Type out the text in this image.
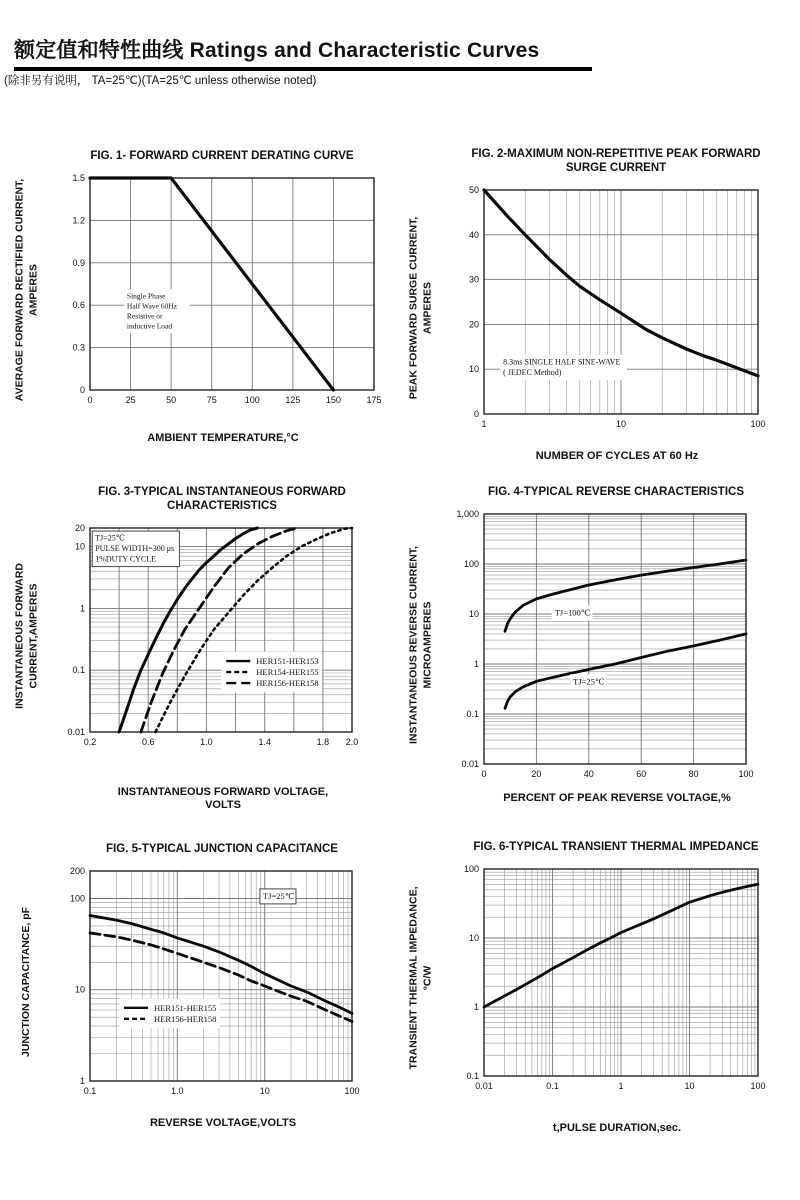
额定值和特性曲线 Ratings and Characteristic Curves
(除非另有说明， TA=25℃)(TA=25℃ unless otherwise noted)
FIG. 1- FORWARD CURRENT DERATING CURVE
AVERAGE FORWARD RECTIFIED CURRENT, AMPERES
0	25	50	75	100	125	150	175
0
0.3
0.6
0.9
1.2
1.5
Single Phase
Half Wave 60Hz
Resistive or
inductive Load
AMBIENT TEMPERATURE,°C
FIG. 2-MAXIMUM NON-REPETITIVE PEAK FORWARD
SURGE CURRENT
PEAK FORWARD SURGE CURRENT, AMPERES
1	10	100
0
10
20
30
40
50
8.3ms SINGLE HALF SINE-WAVE
( JEDEC Method)
NUMBER OF CYCLES AT 60 Hz
FIG. 3-TYPICAL INSTANTANEOUS FORWARD
CHARACTERISTICS
INSTANTANEOUS FORWARD CURRENT,AMPERES
0.2	0.6	1.0	1.4	1.8 2.0
20
10
1
0.1
0.01
TJ=25℃
PULSE WIDTH=300 μs
1%DUTY CYCLE
HER151-HER153
HER154-HER155
HER156-HER158
INSTANTANEOUS FORWARD VOLTAGE,
VOLTS
FIG. 4-TYPICAL REVERSE CHARACTERISTICS
INSTANTANEOUS REVERSE CURRENT, MICROAMPERES
0	20	40	60	80	100
1,000
100
10
1
0.1
0.01
TJ=100℃
TJ=25℃
PERCENT OF PEAK REVERSE VOLTAGE,%
FIG. 5-TYPICAL JUNCTION CAPACITANCE
JUNCTION CAPACITANCE, pF
0.1	1.0	10	100
200
100
10
1
TJ=25℃
HER151-HER155
HER156-HER158
REVERSE VOLTAGE,VOLTS
FIG. 6-TYPICAL TRANSIENT THERMAL IMPEDANCE
TRANSIENT THERMAL IMPEDANCE, °C/W
0.01	0.1	1	10	100
100
10
1
0.1
t,PULSE DURATION,sec.
